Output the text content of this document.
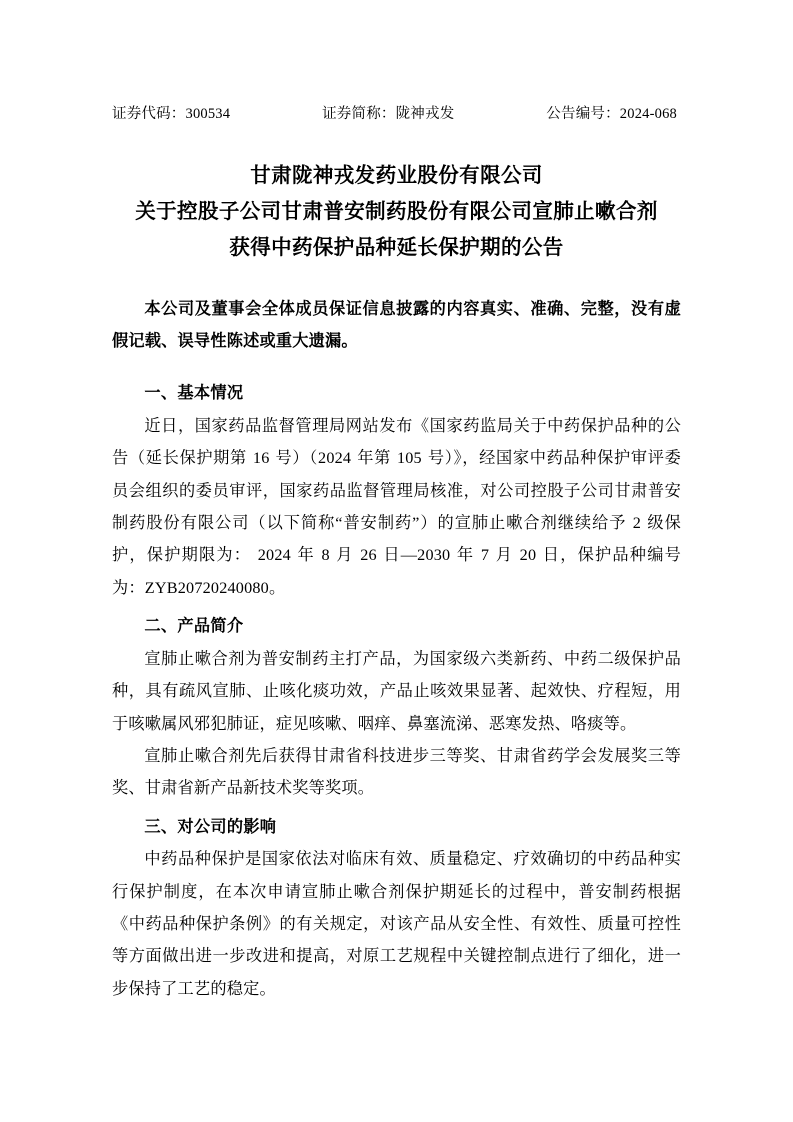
证券代码：300534	证券简称：陇神戎发	公告编号：2024-068
甘肃陇神戎发药业股份有限公司
关于控股子公司甘肃普安制药股份有限公司宣肺止嗽合剂
获得中药保护品种延长保护期的公告
本公司及董事会全体成员保证信息披露的内容真实、准确、完整，没有虚假记载、误导性陈述或重大遗漏。
一、基本情况
近日，国家药品监督管理局网站发布《国家药监局关于中药保护品种的公告（延长保护期第 16 号）（2024 年第 105 号）》，经国家中药品种保护审评委员会组织的委员审评，国家药品监督管理局核准，对公司控股子公司甘肃普安制药股份有限公司（以下简称“普安制药”）的宣肺止嗽合剂继续给予 2 级保护，保护期限为： 2024 年 8 月 26 日—2030 年 7 月 20 日，保护品种编号为：ZYB20720240080。
二、产品简介
宣肺止嗽合剂为普安制药主打产品，为国家级六类新药、中药二级保护品种，具有疏风宣肺、止咳化痰功效，产品止咳效果显著、起效快、疗程短，用于咳嗽属风邪犯肺证，症见咳嗽、咽痒、鼻塞流涕、恶寒发热、咯痰等。
宣肺止嗽合剂先后获得甘肃省科技进步三等奖、甘肃省药学会发展奖三等奖、甘肃省新产品新技术奖等奖项。
三、对公司的影响
中药品种保护是国家依法对临床有效、质量稳定、疗效确切的中药品种实行保护制度，在本次申请宣肺止嗽合剂保护期延长的过程中，普安制药根据《中药品种保护条例》的有关规定，对该产品从安全性、有效性、质量可控性等方面做出进一步改进和提高，对原工艺规程中关键控制点进行了细化，进一步保持了工艺的稳定。
